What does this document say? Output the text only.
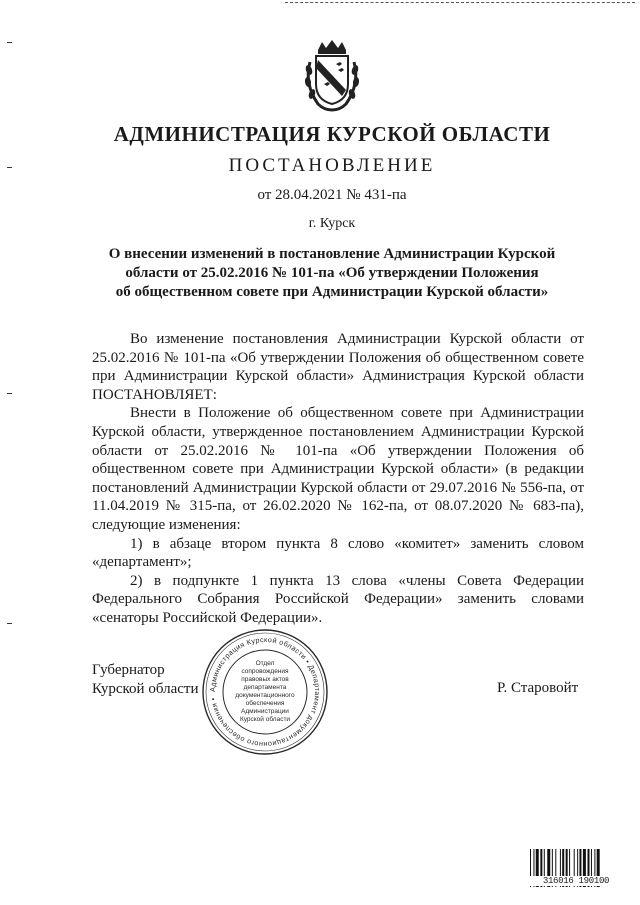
АДМИНИСТРАЦИЯ КУРСКОЙ ОБЛАСТИ
ПОСТАНОВЛЕНИЕ
от 28.04.2021 № 431-па
г. Курск
О внесении изменений в постановление Администрации Курской
области от 25.02.2016 № 101-па «Об утверждении Положения
об общественном совете при Администрации Курской области»

Во изменение постановления Администрации Курской области от 25.02.2016 № 101-па «Об утверждении Положения об общественном совете при Администрации Курской области» Администрация Курской области ПОСТАНОВЛЯЕТ:

Внести в Положение об общественном совете при Администрации Курской области, утвержденное постановлением Администрации Курской области от 25.02.2016 № 101-па «Об утверждении Положения об общественном совете при Администрации Курской области» (в редакции постановлений Администрации Курской области от 29.07.2016 № 556-па, от 11.04.2019 № 315-па, от 26.02.2020 № 162-па, от 08.07.2020 № 683-па), следующие изменения:

1) в абзаце втором пункта 8 слово «комитет» заменить словом «департамент»;

2) в подпункте 1 пункта 13 слова «члены Совета Федерации Федерального Собрания Российской Федерации» заменить словами «сенаторы Российской Федерации».

Губернатор
Курской области Администрация Курской области • Департамент документационного обеспечения •
Отдел
сопровождения
правовых актов
департамента
документационного
обеспечения
Администрации
Курской области
Р. Старовойт
316016 190100
